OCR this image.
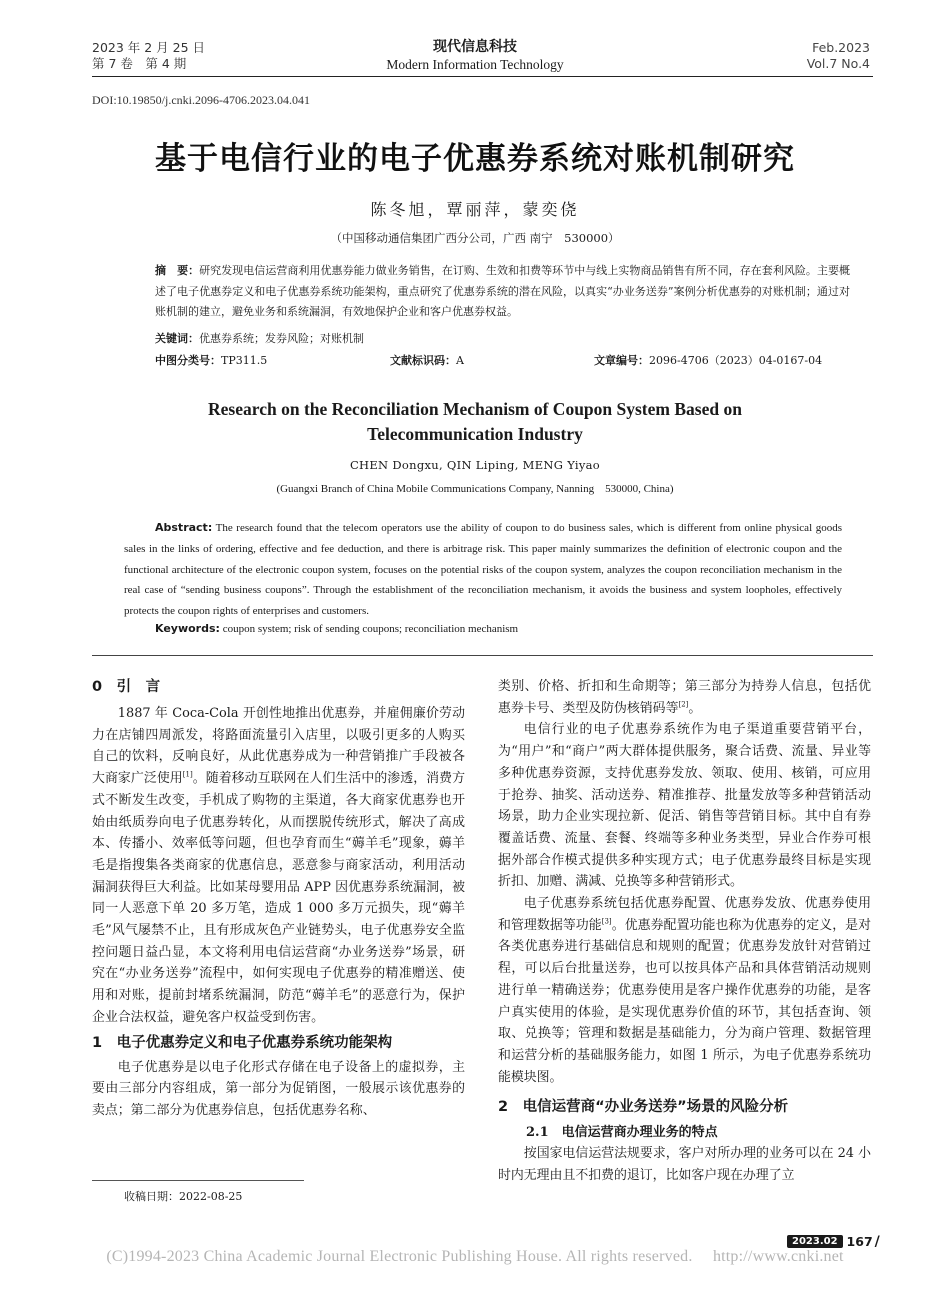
2023 年 2 月 25 日
第 7 卷　第 4 期
现代信息科技
Modern Information Technology
Feb.2023
Vol.7 No.4
DOI:10.19850/j.cnki.2096-4706.2023.04.041
基于电信行业的电子优惠券系统对账机制研究
陈冬旭，覃丽萍，蒙奕侥
（中国移动通信集团广西分公司，广西 南宁　530000）
摘　要：研究发现电信运营商利用优惠券能力做业务销售，在订购、生效和扣费等环节中与线上实物商品销售有所不同，存在套利风险。主要概述了电子优惠券定义和电子优惠券系统功能架构，重点研究了优惠券系统的潜在风险，以真实“办业务送券”案例分析优惠券的对账机制；通过对账机制的建立，避免业务和系统漏洞，有效地保护企业和客户优惠券权益。
关键词：优惠券系统；发券风险；对账机制
中图分类号：TP311.5	文献标识码：A	文章编号：2096-4706（2023）04-0167-04
Research on the Reconciliation Mechanism of Coupon System Based on
Telecommunication Industry
CHEN Dongxu, QIN Liping, MENG Yiyao
(Guangxi Branch of China Mobile Communications Company, Nanning　530000, China)
Abstract: The research found that the telecom operators use the ability of coupon to do business sales, which is different from online physical goods sales in the links of ordering, effective and fee deduction, and there is arbitrage risk. This paper mainly summarizes the definition of electronic coupon and the functional architecture of the electronic coupon system, focuses on the potential risks of the coupon system, analyzes the coupon reconciliation mechanism in the real case of “sending business coupons”. Through the establishment of the reconciliation mechanism, it avoids the business and system loopholes, effectively protects the coupon rights of enterprises and customers.
Keywords: coupon system; risk of sending coupons; reconciliation mechanism
0　引　言

1887 年 Coca-Cola 开创性地推出优惠券，并雇佣廉价劳动力在店铺四周派发，将路面流量引入店里，以吸引更多的人购买自己的饮料，反响良好，从此优惠券成为一种营销推广手段被各大商家广泛使用[1]。随着移动互联网在人们生活中的渗透，消费方式不断发生改变，手机成了购物的主渠道，各大商家优惠券也开始由纸质券向电子优惠券转化，从而摆脱传统形式，解决了高成本、传播小、效率低等问题，但也孕育而生“薅羊毛”现象，薅羊毛是指搜集各类商家的优惠信息，恶意参与商家活动，利用活动漏洞获得巨大利益。比如某母婴用品 APP 因优惠券系统漏洞，被同一人恶意下单 20 多万笔，造成 1 000 多万元损失，现“薅羊毛”风气屡禁不止，且有形成灰色产业链势头，电子优惠券安全监控问题日益凸显，本文将利用电信运营商“办业务送券”场景，研究在“办业务送券”流程中，如何实现电子优惠券的精准赠送、使用和对账，提前封堵系统漏洞，防范“薅羊毛”的恶意行为，保护企业合法权益，避免客户权益受到伤害。

1　电子优惠券定义和电子优惠券系统功能架构

电子优惠券是以电子化形式存储在电子设备上的虚拟券，主要由三部分内容组成，第一部分为促销图，一般展示该优惠券的卖点；第二部分为优惠券信息，包括优惠券名称、

类别、价格、折扣和生命期等；第三部分为持券人信息，包括优惠券卡号、类型及防伪核销码等[2]。

电信行业的电子优惠券系统作为电子渠道重要营销平台，为“用户”和“商户”两大群体提供服务，聚合话费、流量、异业等多种优惠券资源，支持优惠券发放、领取、使用、核销，可应用于抢券、抽奖、活动送券、精准推荐、批量发放等多种营销活动场景，助力企业实现拉新、促活、销售等营销目标。其中自有券覆盖话费、流量、套餐、终端等多种业务类型，异业合作券可根据外部合作模式提供多种实现方式；电子优惠券最终目标是实现折扣、加赠、满减、兑换等多种营销形式。

电子优惠券系统包括优惠券配置、优惠券发放、优惠券使用和管理数据等功能[3]。优惠券配置功能也称为优惠券的定义，是对各类优惠券进行基础信息和规则的配置；优惠券发放针对营销过程，可以后台批量送券，也可以按具体产品和具体营销活动规则进行单一精确送券；优惠券使用是客户操作优惠券的功能，是客户真实使用的体验，是实现优惠券价值的环节，其包括查询、领取、兑换等；管理和数据是基础能力，分为商户管理、数据管理和运营分析的基础服务能力，如图 1 所示，为电子优惠券系统功能模块图。

2　电信运营商“办业务送券”场景的风险分析
2.1　电信运营商办理业务的特点

按国家电信运营法规要求，客户对所办理的业务可以在 24 小时内无理由且不扣费的退订，比如客户现在办理了立

收稿日期：2022-08-25
2023.02 167 /
(C)1994-2023 China Academic Journal Electronic Publishing House. All rights reserved.　 http://www.cnki.net
